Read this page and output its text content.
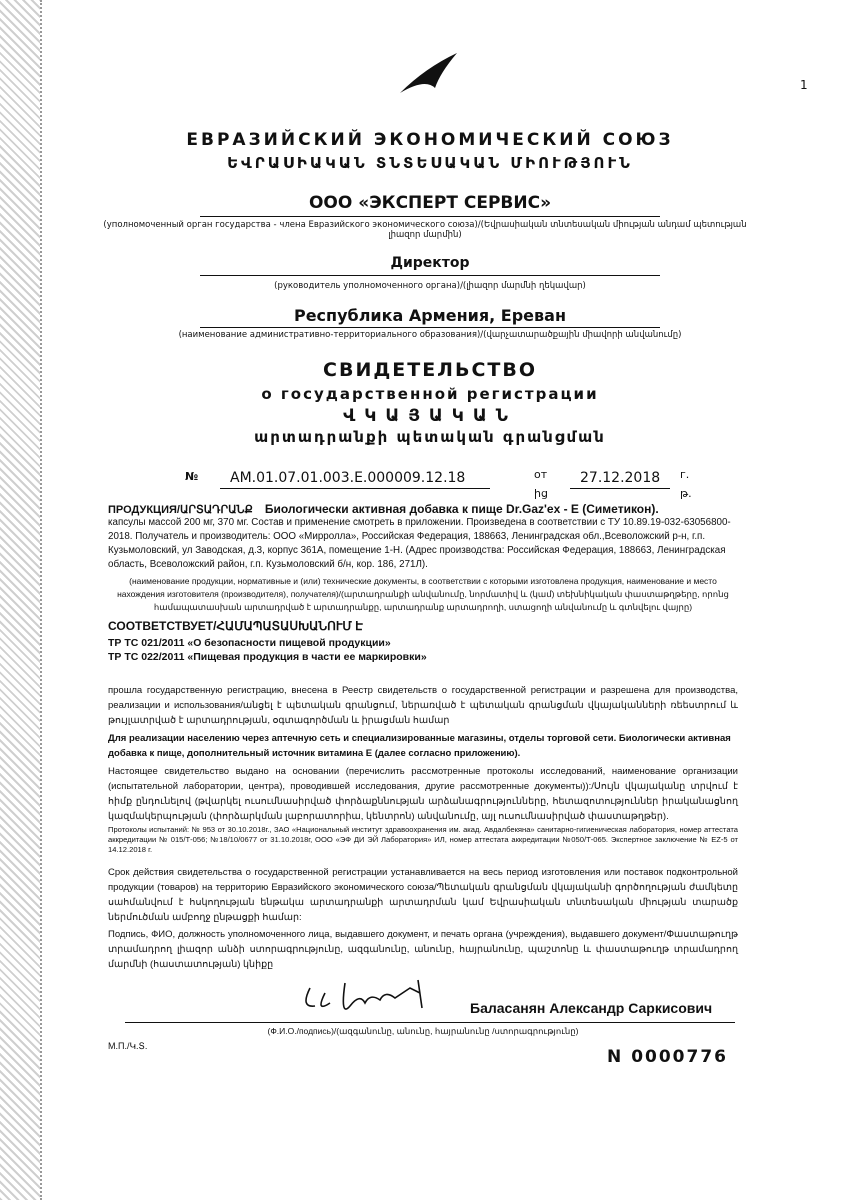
1
ЕВРАЗИЙСКИЙ ЭКОНОМИЧЕСКИЙ СОЮЗ
ԵՎՐԱՍԻԱԿԱՆ ՏՆՏԵՍԱԿԱՆ ՄԻՈՒԹՅՈՒՆ
ООО «ЭКСПЕРТ СЕРВИС»
(уполномоченный орган государства - члена Евразийского экономического союза)/(Եվրասիական տնտեսական միության անդամ պետության լիազոր մարմին)
Директор
(руководитель уполномоченного органа)/(լիազոր մարմնի ղեկավար)
Республика Армения, Ереван
(наименование административно-территориального образования)/(վարչատարածքային միավորի անվանումը)
СВИДЕТЕЛЬСТВО
о государственной регистрации
ՎԿԱՅԱԿԱՆ
արտադրանքի պետական գրանցման
№ AM.01.07.01.003.E.000009.12.18	от
ից
27.12.2018 г.
թ.
ПРОДУКЦИЯ/ԱՐՏԱԴՐԱՆՔ Биологически активная добавка к пище Dr.Gaz'ex - E (Симетикон).
капсулы массой 200 мг, 370 мг. Состав и применение смотреть в приложении. Произведена в соответствии с ТУ 10.89.19-032-63056800-2018. Получатель и производитель: ООО «Мирролла», Российская Федерация, 188663, Ленинградская обл.,Всеволожский р-н, г.п. Кузьмоловский, ул Заводская, д.3, корпус 361А, помещение 1-Н. (Адрес производства: Российская Федерация, 188663, Ленинградская область, Всеволожский район, г.п. Кузьмоловский б/н, кор. 186, 271Л).
(наименование продукции, нормативные и (или) технические документы, в соответствии с которыми изготовлена продукция, наименование и место нахождения изготовителя (производителя), получателя)/(արտադրանքի անվանումը, նորմատիվ և (կամ) տեխնիկական փաստաթղթերը, որոնց համապատասխան արտադրված է արտադրանքը, արտադրանք արտադրողի, ստացողի անվանումը և գտնվելու վայրը)
СООТВЕТСТВУЕТ/ՀԱՄԱՊԱՏԱՍԽԱՆՈՒՄ Է
ТР ТС 021/2011 «О безопасности пищевой продукции»
ТР ТС 022/2011 «Пищевая продукция в части ее маркировки»
прошла государственную регистрацию, внесена в Реестр свидетельств о государственной регистрации и разрешена для производства, реализации и использования/անցել է պետական գրանցում, ներառված է պետական գրանցման վկայականների ռեեստրում և թույլատրված է արտադրության, օգտագործման և իրացման համար
Для реализации населению через аптечную сеть и специализированные магазины, отделы торговой сети. Биологически активная добавка к пище, дополнительный источник витамина Е (далее согласно приложению).
Настоящее свидетельство выдано на основании (перечислить рассмотренные протоколы исследований, наименование организации (испытательной лаборатории, центра), проводившей исследования, другие рассмотренные документы)):/Սույն վկայականը տրվում է հիմք ընդունելով (թվարկել ուսումնասիրված փորձաքննության արձանագրությունները, հետազոտություններ իրականացնող կազմակերպության (փորձարկման լաբորատորիա, կենտրոն) անվանումը, այլ ուսումնասիրված փաստաթղթեր).
Протоколы испытаний: № 953 от 30.10.2018г., ЗАО «Национальный институт здравоохранения им. акад. Авдалбекяна» санитарно-гигиеническая лаборатория, номер аттестата аккредитации № 015/Т-056; №18/10/0677 от 31.10.2018г, ООО «ЭФ ДИ ЭЙ Лаборатория» ИЛ, номер аттестата аккредитации №050/Т-065. Экспертное заключение № EZ-5 от 14.12.2018 г.
Срок действия свидетельства о государственной регистрации устанавливается на весь период изготовления или поставок подконтрольной продукции (товаров) на территорию Евразийского экономического союза/Պետական գրանցման վկայականի գործողության ժամկետը սահմանվում է հսկողության ենթակա արտադրանքի արտադրման կամ Եվրասիական տնտեսական միության տարածք ներմուծման ամբողջ ընթացքի համար:
Подпись, ФИО, должность уполномоченного лица, выдавшего документ, и печать органа (учреждения), выдавшего документ/Փաստաթուղթ տրամադրող լիազոր անձի ստորագրությունը, ազգանունը, անունը, հայրանունը, պաշտոնը և փաստաթուղթ տրամադրող մարմնի (հաստատության) կնիքը
Баласанян Александр Саркисович
(Ф.И.О./подпись)/(ազգանունը, անունը, հայրանունը /ստորագրությունը)
М.П./Կ.Տ.
N 0000776
